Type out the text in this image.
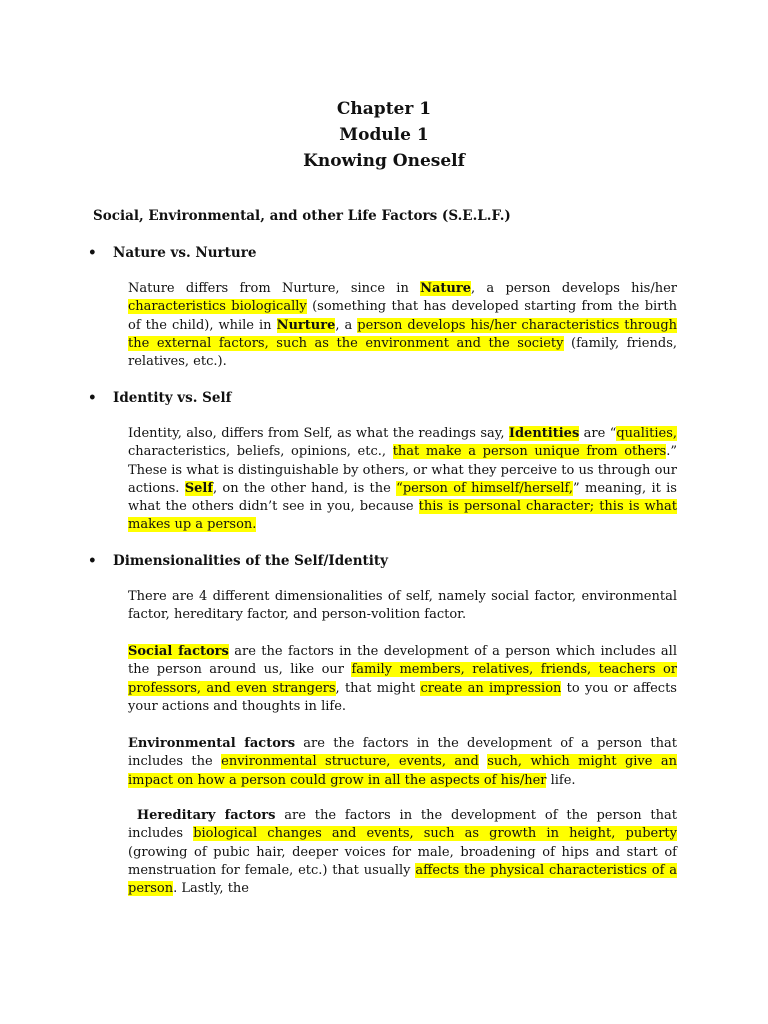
Chapter 1
Module 1
Knowing Oneself
Social, Environmental, and other Life Factors (S.E.L.F.)
• Nature vs. Nurture
Nature differs from Nurture, since in Nature, a person develops his/her characteristics biologically (something that has developed starting from the birth of the child), while in Nurture, a person develops his/her characteristics through the external factors, such as the environment and the society (family, friends, relatives, etc.).
• Identity vs. Self
Identity, also, differs from Self, as what the readings say, Identities are “qualities, characteristics, beliefs, opinions, etc., that make a person unique from others.” These is what is distinguishable by others, or what they perceive to us through our actions. Self, on the other hand, is the “person of himself/herself,” meaning, it is what the others didn’t see in you, because this is personal character; this is what makes up a person.
• Dimensionalities of the Self/Identity
There are 4 different dimensionalities of self, namely social factor, environmental factor, hereditary factor, and person-volition factor.
Social factors are the factors in the development of a person which includes all the person around us, like our family members, relatives, friends, teachers or professors, and even strangers, that might create an impression to you or affects your actions and thoughts in life.
Environmental factors are the factors in the development of a person that includes the environmental structure, events, and such, which might give an impact on how a person could grow in all the aspects of his/her life.
Hereditary factors are the factors in the development of the person that includes biological changes and events, such as growth in height, puberty (growing of pubic hair, deeper voices for male, broadening of hips and start of menstruation for female, etc.) that usually affects the physical characteristics of a person. Lastly, the
